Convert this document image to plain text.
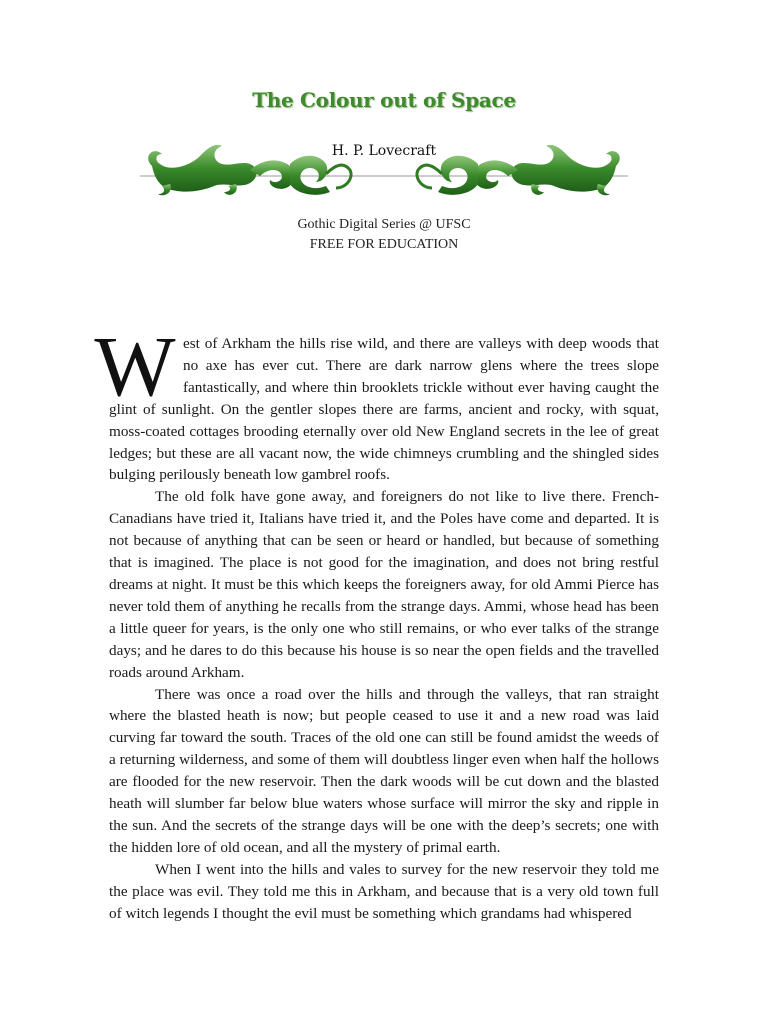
The Colour out of Space
H. P. Lovecraft
Gothic Digital Series @ UFSC
FREE FOR EDUCATION

West of Arkham the hills rise wild, and there are valleys with deep woods that no axe has ever cut. There are dark narrow glens where the trees slope fantastically, and where thin brooklets trickle without ever having caught the glint of sunlight. On the gentler slopes there are farms, ancient and rocky, with squat, moss-coated cottages brooding eternally over old New England secrets in the lee of great ledges; but these are all vacant now, the wide chimneys crumbling and the shingled sides bulging perilously beneath low gambrel roofs.

The old folk have gone away, and foreigners do not like to live there. French-Canadians have tried it, Italians have tried it, and the Poles have come and departed. It is not because of anything that can be seen or heard or handled, but because of something that is imagined. The place is not good for the imagination, and does not bring restful dreams at night. It must be this which keeps the foreigners away, for old Ammi Pierce has never told them of anything he recalls from the strange days. Ammi, whose head has been a little queer for years, is the only one who still remains, or who ever talks of the strange days; and he dares to do this because his house is so near the open fields and the travelled roads around Arkham.

There was once a road over the hills and through the valleys, that ran straight where the blasted heath is now; but people ceased to use it and a new road was laid curving far toward the south. Traces of the old one can still be found amidst the weeds of a returning wilderness, and some of them will doubtless linger even when half the hollows are flooded for the new reservoir. Then the dark woods will be cut down and the blasted heath will slumber far below blue waters whose surface will mirror the sky and ripple in the sun. And the secrets of the strange days will be one with the deep’s secrets; one with the hidden lore of old ocean, and all the mystery of primal earth.

When I went into the hills and vales to survey for the new reservoir they told me the place was evil. They told me this in Arkham, and because that is a very old town full of witch legends I thought the evil must be something which grandams had whispered
